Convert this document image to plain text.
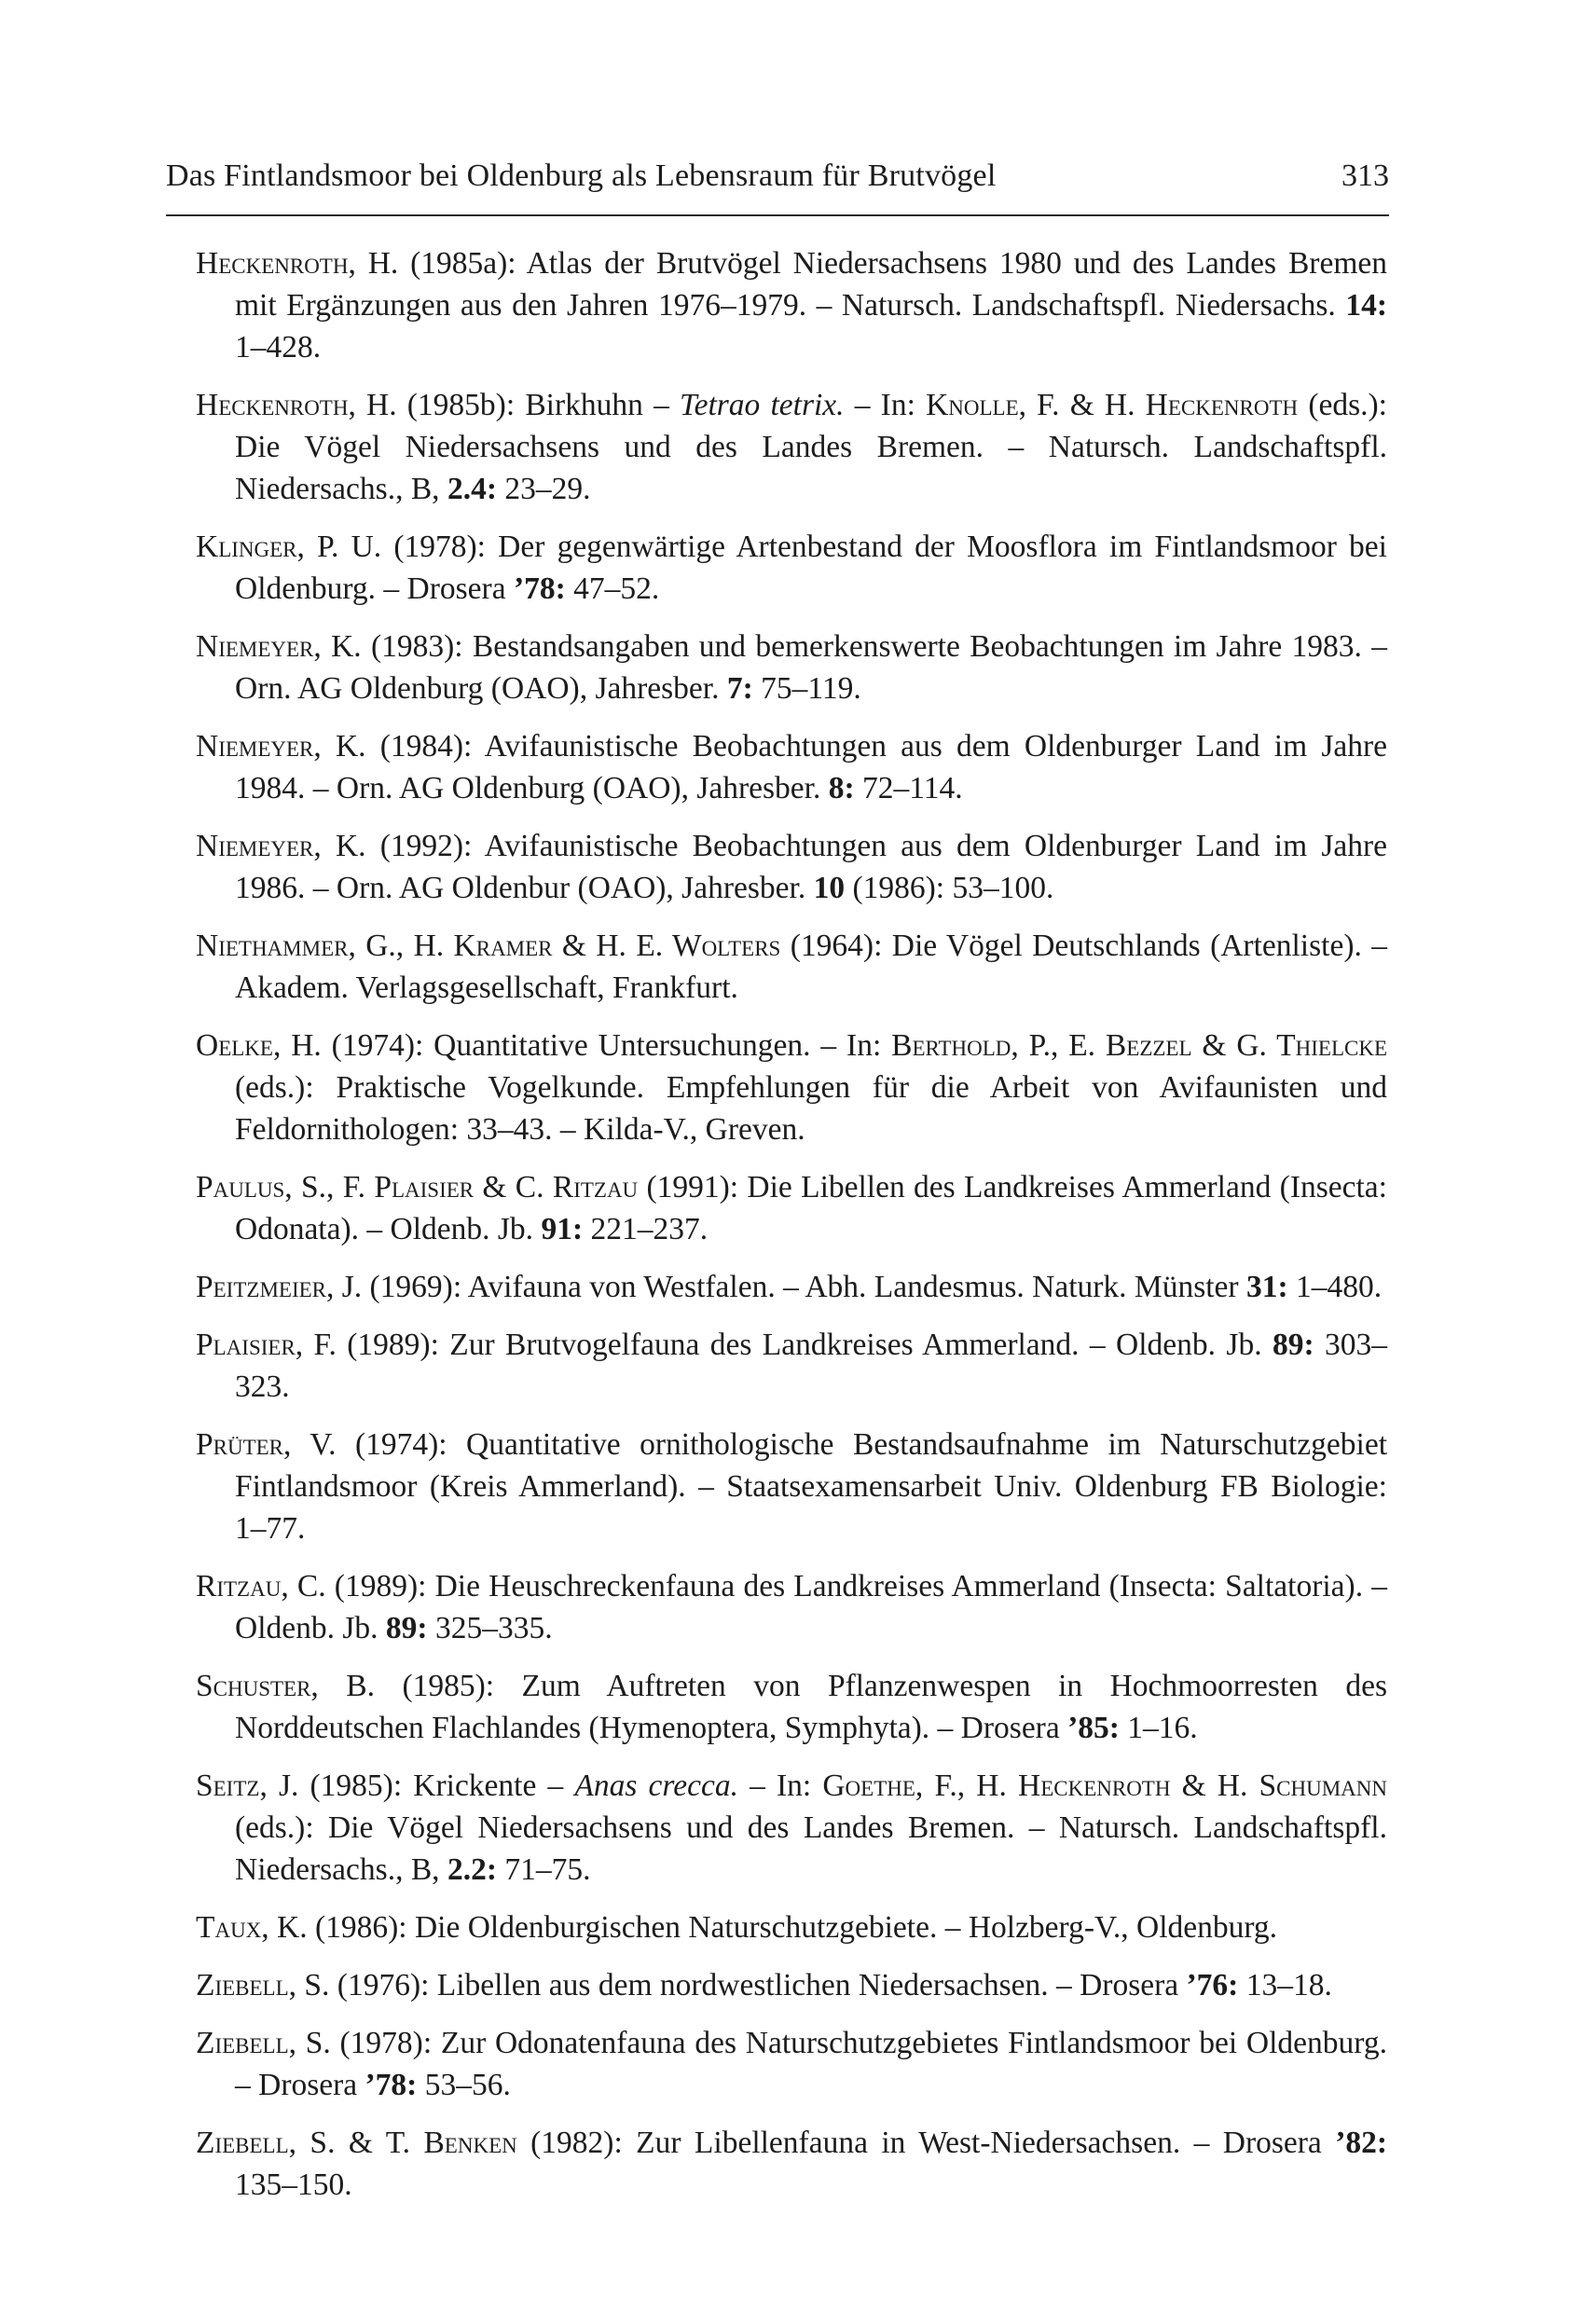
Das Fintlandsmoor bei Oldenburg als Lebensraum für Brutvögel	313
Heckenroth, H. (1985a): Atlas der Brutvögel Niedersachsens 1980 und des Landes Bremen mit Ergänzungen aus den Jahren 1976–1979. – Natursch. Landschaftspfl. Niedersachs. 14: 1–428.
Heckenroth, H. (1985b): Birkhuhn – Tetrao tetrix. – In: Knolle, F. & H. Heckenroth (eds.): Die Vögel Niedersachsens und des Landes Bremen. – Natursch. Landschaftspfl. Niedersachs., B, 2.4: 23–29.
Klinger, P. U. (1978): Der gegenwärtige Artenbestand der Moosflora im Fintlandsmoor bei Oldenburg. – Drosera ’78: 47–52.
Niemeyer, K. (1983): Bestandsangaben und bemerkenswerte Beobachtungen im Jahre 1983. – Orn. AG Oldenburg (OAO), Jahresber. 7: 75–119.
Niemeyer, K. (1984): Avifaunistische Beobachtungen aus dem Oldenburger Land im Jahre 1984. – Orn. AG Oldenburg (OAO), Jahresber. 8: 72–114.
Niemeyer, K. (1992): Avifaunistische Beobachtungen aus dem Oldenburger Land im Jahre 1986. – Orn. AG Oldenbur (OAO), Jahresber. 10 (1986): 53–100.
Niethammer, G., H. Kramer & H. E. Wolters (1964): Die Vögel Deutschlands (Artenliste). – Akadem. Verlagsgesellschaft, Frankfurt.
Oelke, H. (1974): Quantitative Untersuchungen. – In: Berthold, P., E. Bezzel & G. Thielcke (eds.): Praktische Vogelkunde. Empfehlungen für die Arbeit von Avifaunisten und Feldornithologen: 33–43. – Kilda-V., Greven.
Paulus, S., F. Plaisier & C. Ritzau (1991): Die Libellen des Landkreises Ammerland (Insecta: Odonata). – Oldenb. Jb. 91: 221–237.
Peitzmeier, J. (1969): Avifauna von Westfalen. – Abh. Landesmus. Naturk. Münster 31: 1–480.
Plaisier, F. (1989): Zur Brutvogelfauna des Landkreises Ammerland. – Oldenb. Jb. 89: 303–323.
Prüter, V. (1974): Quantitative ornithologische Bestandsaufnahme im Naturschutzgebiet Fintlandsmoor (Kreis Ammerland). – Staatsexamensarbeit Univ. Oldenburg FB Biologie: 1–77.
Ritzau, C. (1989): Die Heuschreckenfauna des Landkreises Ammerland (Insecta: Saltatoria). – Oldenb. Jb. 89: 325–335.
Schuster, B. (1985): Zum Auftreten von Pflanzenwespen in Hochmoorresten des Norddeutschen Flachlandes (Hymenoptera, Symphyta). – Drosera ’85: 1–16.
Seitz, J. (1985): Krickente – Anas crecca. – In: Goethe, F., H. Heckenroth & H. Schumann (eds.): Die Vögel Niedersachsens und des Landes Bremen. – Natursch. Landschaftspfl. Niedersachs., B, 2.2: 71–75.
Taux, K. (1986): Die Oldenburgischen Naturschutzgebiete. – Holzberg-V., Oldenburg.
Ziebell, S. (1976): Libellen aus dem nordwestlichen Niedersachsen. – Drosera ’76: 13–18.
Ziebell, S. (1978): Zur Odonatenfauna des Naturschutzgebietes Fintlandsmoor bei Oldenburg. – Drosera ’78: 53–56.
Ziebell, S. & T. Benken (1982): Zur Libellenfauna in West-Niedersachsen. – Drosera ’82: 135–150.
